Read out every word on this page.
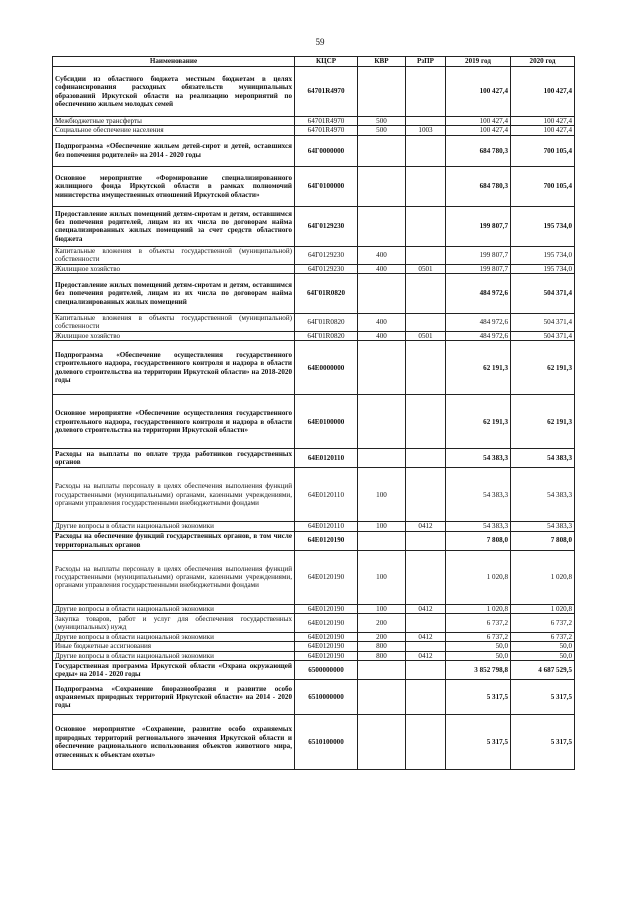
59
Наименование	КЦСР	КВР	РзПР	2019 год	2020 год
Субсидии из областного бюджета местным бюджетам в целях софинансирования расходных обязательств муниципальных образований Иркутской области на реализацию мероприятий по обеспечению жильем молодых семей	64701R4970			100 427,4	100 427,4
Межбюджетные трансферты	64701R4970	500		100 427,4	100 427,4
Социальное обеспечение населения	64701R4970	500	1003	100 427,4	100 427,4
Подпрограмма «Обеспечение жильем детей-сирот и детей, оставшихся без попечения родителей» на 2014 - 2020 годы	64Г0000000			684 780,3	700 105,4
Основное мероприятие «Формирование специализированного жилищного фонда Иркутской области в рамках полномочий министерства имущественных отношений Иркутской области»	64Г0100000			684 780,3	700 105,4
Предоставление жилых помещений детям-сиротам и детям, оставшимся без попечения родителей, лицам из их числа по договорам найма специализированных жилых помещений за счет средств областного бюджета	64Г0129230			199 807,7	195 734,0
Капитальные вложения в объекты государственной (муниципальной) собственности	64Г0129230	400		199 807,7	195 734,0
Жилищное хозяйство	64Г0129230	400	0501	199 807,7	195 734,0
Предоставление жилых помещений детям-сиротам и детям, оставшимся без попечения родителей, лицам из их числа по договорам найма специализированных жилых помещений	64Г01R0820			484 972,6	504 371,4
Капитальные вложения в объекты государственной (муниципальной) собственности	64Г01R0820	400		484 972,6	504 371,4
Жилищное хозяйство	64Г01R0820	400	0501	484 972,6	504 371,4
Подпрограмма «Обеспечение осуществления государственного строительного надзора, государственного контроля и надзора в области долевого строительства на территории Иркутской области» на 2018-2020 годы	64Е0000000			62 191,3	62 191,3
Основное мероприятие «Обеспечение осуществления государственного строительного надзора, государственного контроля и надзора в области долевого строительства на территории Иркутской области»	64Е0100000			62 191,3	62 191,3
Расходы на выплаты по оплате труда работников государственных органов	64Е0120110			54 383,3	54 383,3
Расходы на выплаты персоналу в целях обеспечения выполнения функций государственными (муниципальными) органами, казенными учреждениями, органами управления государственными внебюджетными фондами	64Е0120110	100		54 383,3	54 383,3
Другие вопросы в области национальной экономики	64Е0120110	100	0412	54 383,3	54 383,3
Расходы на обеспечение функций государственных органов, в том числе территориальных органов	64Е0120190			7 808,0	7 808,0
Расходы на выплаты персоналу в целях обеспечения выполнения функций государственными (муниципальными) органами, казенными учреждениями, органами управления государственными внебюджетными фондами	64Е0120190	100		1 020,8	1 020,8
Другие вопросы в области национальной экономики	64Е0120190	100	0412	1 020,8	1 020,8
Закупка товаров, работ и услуг для обеспечения государственных (муниципальных) нужд	64Е0120190	200		6 737,2	6 737,2
Другие вопросы в области национальной экономики	64Е0120190	200	0412	6 737,2	6 737,2
Иные бюджетные ассигнования	64Е0120190	800		50,0	50,0
Другие вопросы в области национальной экономики	64Е0120190	800	0412	50,0	50,0
Государственная программа Иркутской области «Охрана окружающей среды» на 2014 - 2020 годы	6500000000			3 852 798,8	4 687 529,5
Подпрограмма «Сохранение биоразнообразия и развитие особо охраняемых природных территорий Иркутской области» на 2014 - 2020 годы	6510000000			5 317,5	5 317,5
Основное мероприятие «Сохранение, развитие особо охраняемых природных территорий регионального значения Иркутской области и обеспечение рационального использования объектов животного мира, отнесенных к объектам охоты»	6510100000			5 317,5	5 317,5
